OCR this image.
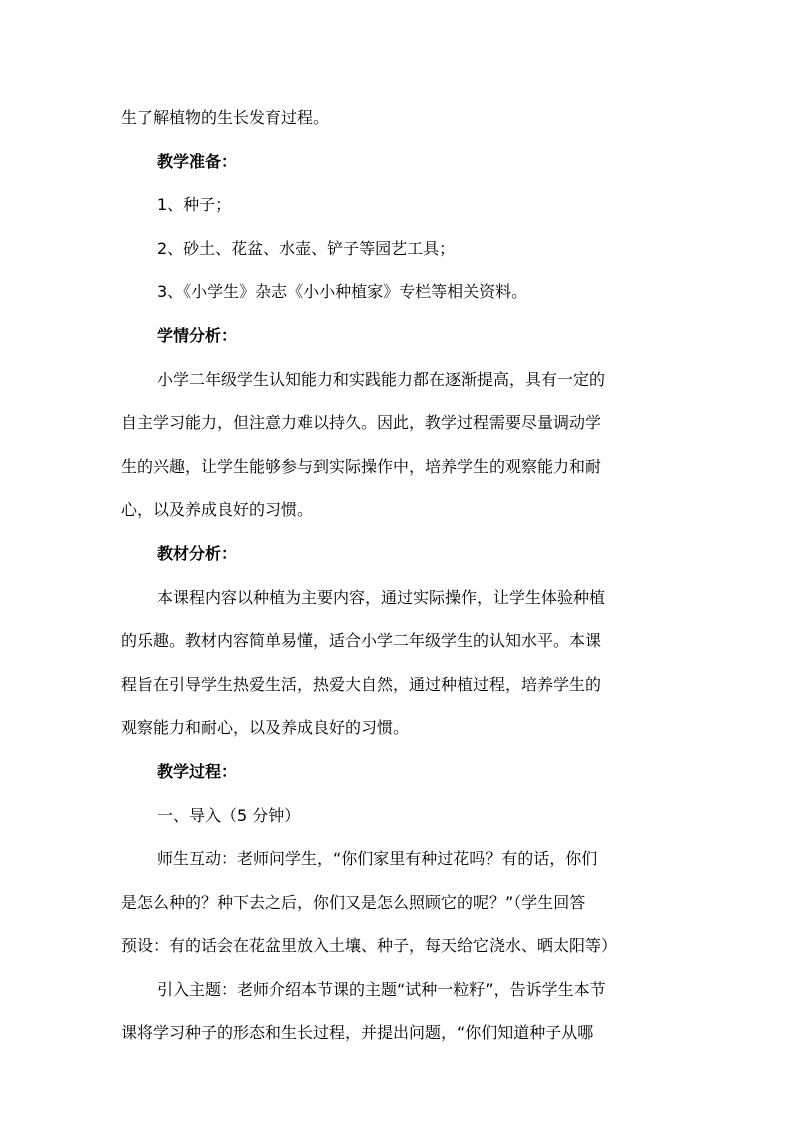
生了解植物的生长发育过程。
教学准备：
1、种子；
2、砂土、花盆、水壶、铲子等园艺工具；
3、《小学生》杂志《小小种植家》专栏等相关资料。
学情分析：
小学二年级学生认知能力和实践能力都在逐渐提高，具有一定的
自主学习能力，但注意力难以持久。因此，教学过程需要尽量调动学
生的兴趣，让学生能够参与到实际操作中，培养学生的观察能力和耐
心，以及养成良好的习惯。
教材分析：
本课程内容以种植为主要内容，通过实际操作，让学生体验种植
的乐趣。教材内容简单易懂，适合小学二年级学生的认知水平。本课
程旨在引导学生热爱生活，热爱大自然，通过种植过程，培养学生的
观察能力和耐心，以及养成良好的习惯。
教学过程：
一、导入（5 分钟）
师生互动：老师问学生，“你们家里有种过花吗？有的话，你们
是怎么种的？种下去之后，你们又是怎么照顾它的呢？”（学生回答
预设：有的话会在花盆里放入土壤、种子，每天给它浇水、晒太阳等）
引入主题：老师介绍本节课的主题“试种一粒籽”，告诉学生本节
课将学习种子的形态和生长过程，并提出问题，“你们知道种子从哪
